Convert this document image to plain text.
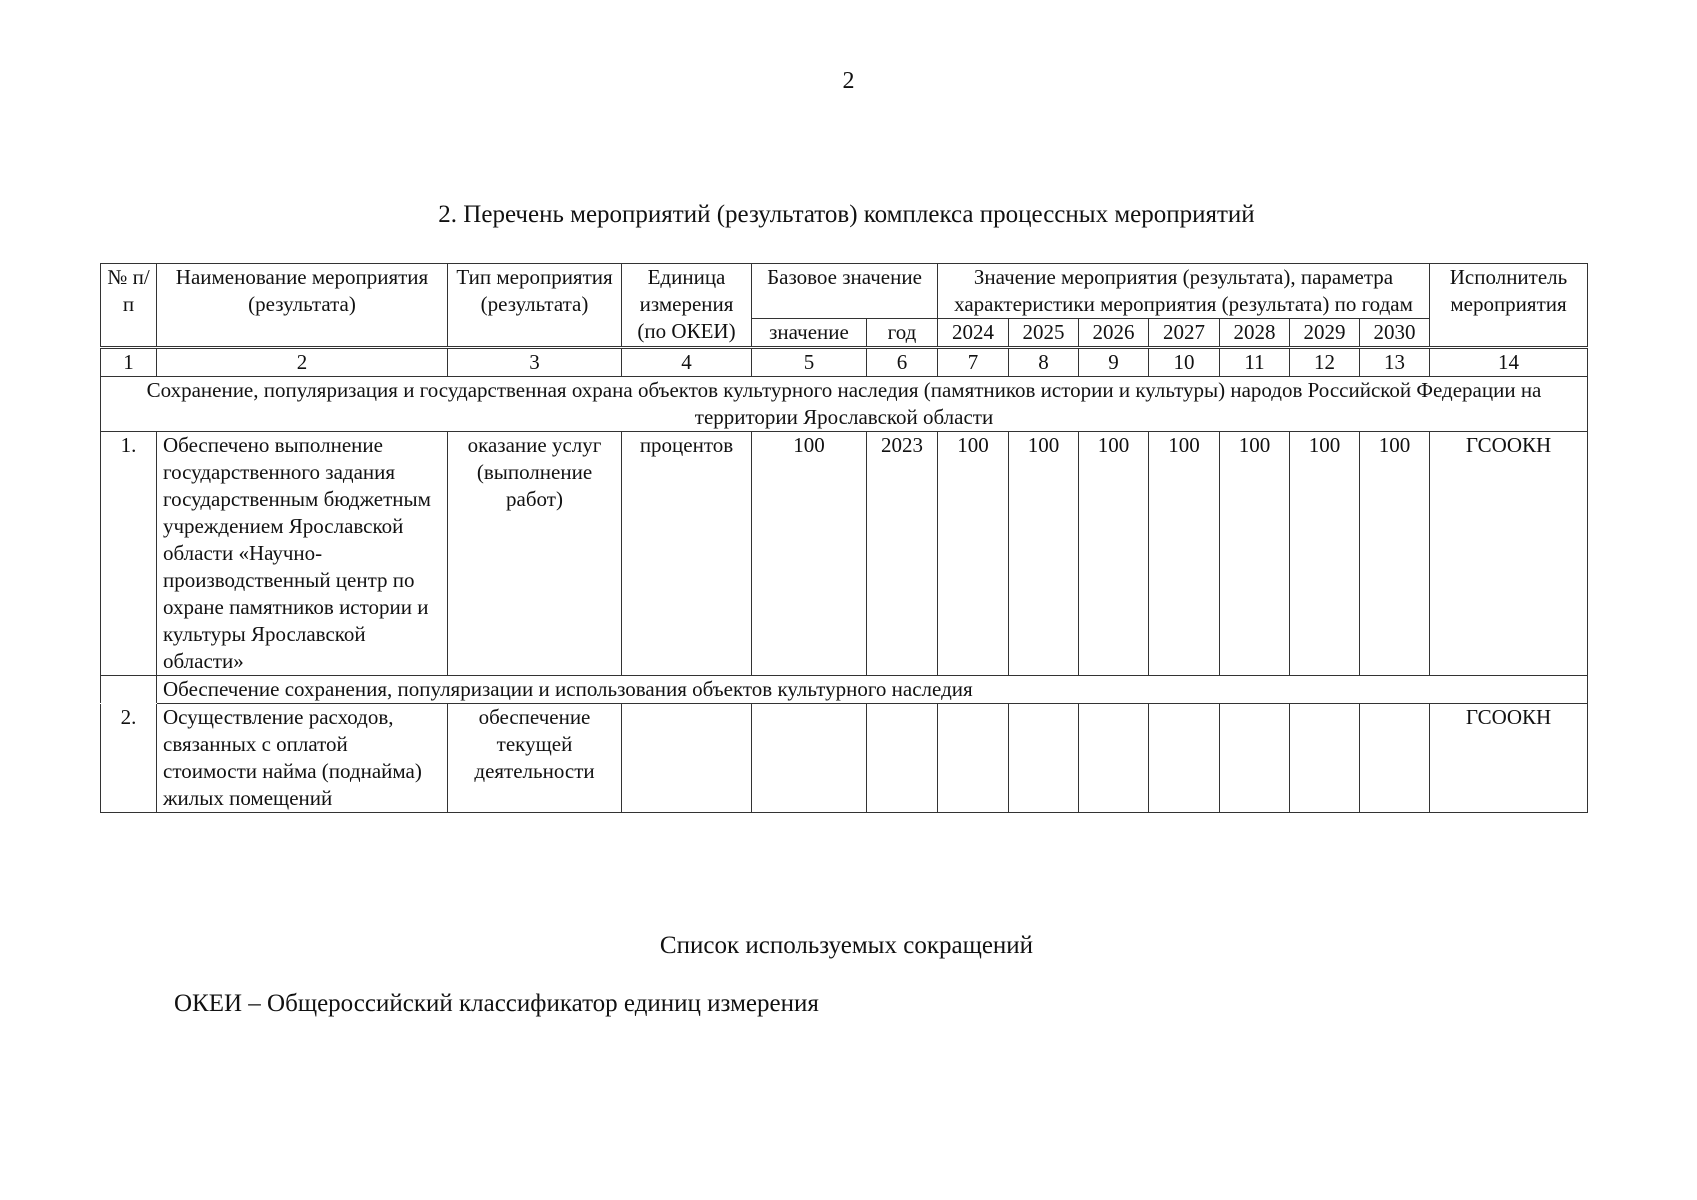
2
2. Перечень мероприятий (результатов) комплекса процессных мероприятий
№ п/п	Наименование мероприятия (результата)	Тип мероприятия (результата)	Единица измерения (по ОКЕИ)	Базовое значение		Значение мероприятия (результата), параметра характеристики мероприятия (результата) по годам							Исполнитель мероприятия
				значение	год	2024	2025	2026	2027	2028	2029	2030	
1	2	3	4	5	6	7	8	9	10	11	12	13	14
Сохранение, популяризация и государственная охрана объектов культурного наследия (памятников истории и культуры) народов Российской Федерации на территории Ярославской области													
1.	Обеспечено выполнение государственного задания государственным бюджетным учреждением Ярославской области «Научно-производственный центр по охране памятников истории и культуры Ярославской области»	оказание услуг (выполнение работ)	процентов	100	2023	100	100	100	100	100	100	100	ГСООКН
	Обеспечение сохранения, популяризации и использования объектов культурного наследия												
2.	Осуществление расходов, связанных с оплатой стоимости найма (поднайма) жилых помещений	обеспечение текущей деятельности											ГСООКН
Список используемых сокращений
ОКЕИ – Общероссийский классификатор единиц измерения
